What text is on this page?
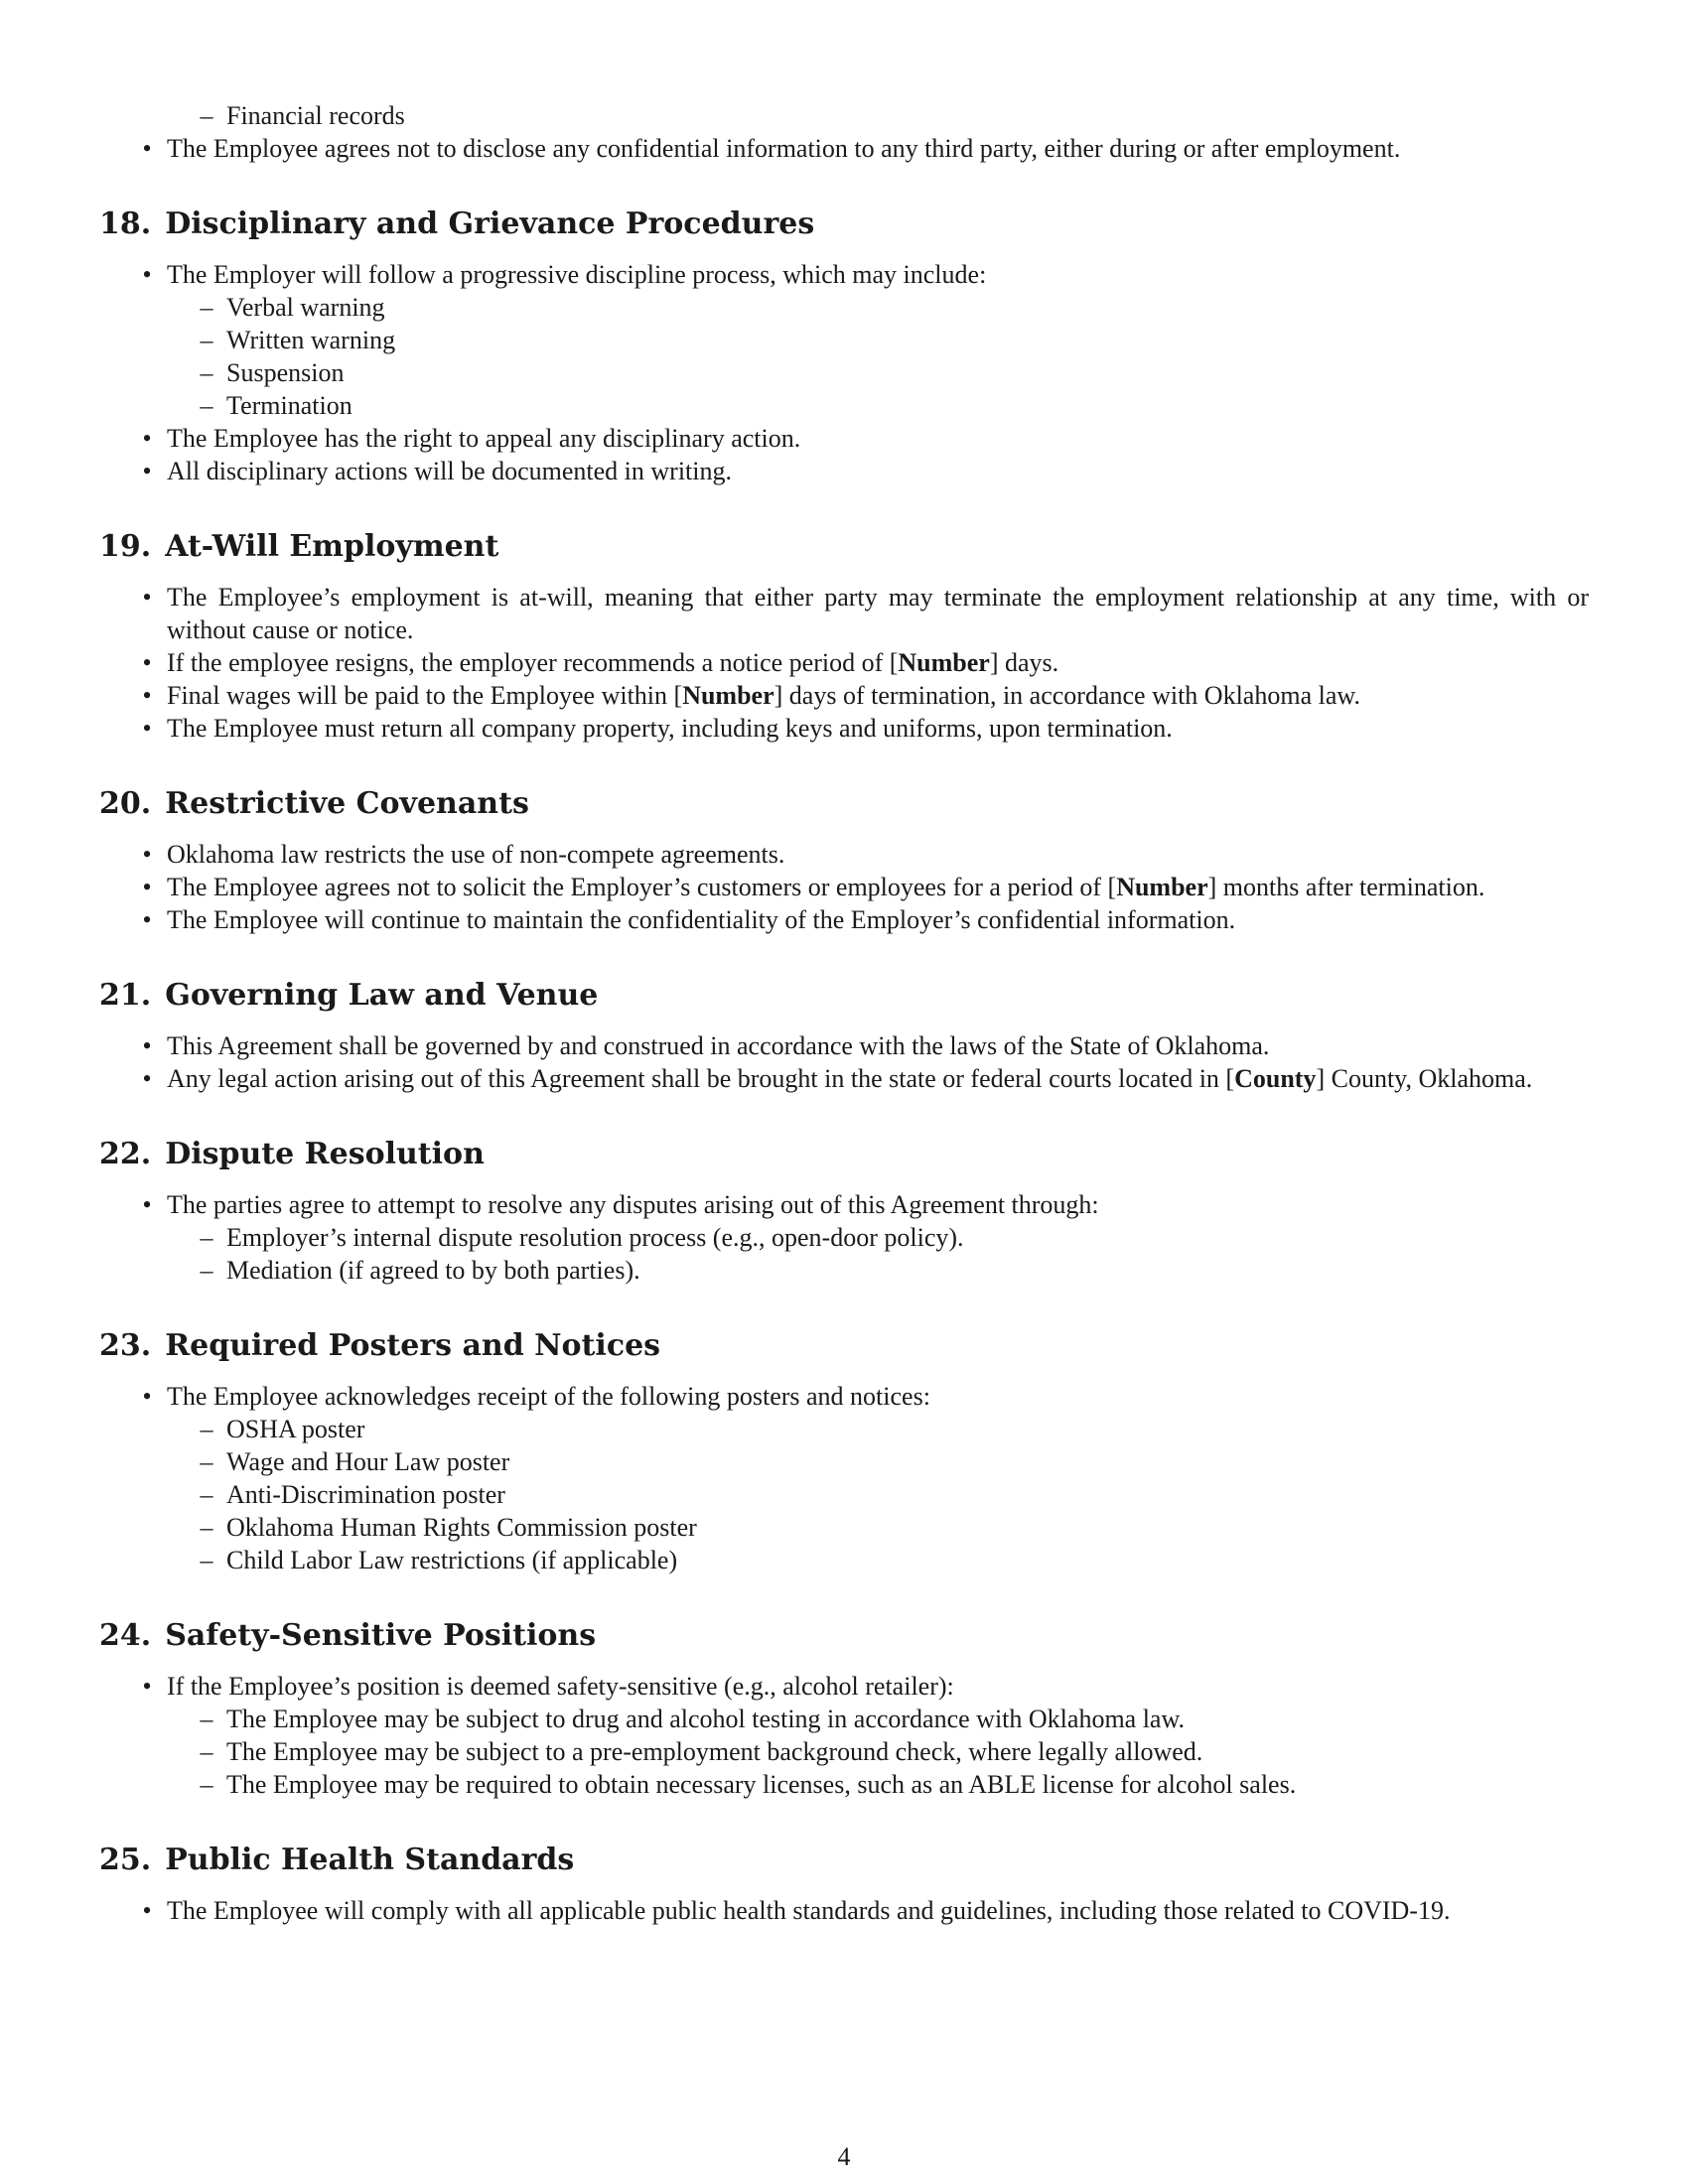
– Financial records

• The Employee agrees not to disclose any confidential information to any third party, either during or after employment.

18. Disciplinary and Grievance Procedures

• The Employer will follow a progressive discipline process, which may include:

– Verbal warning

– Written warning

– Suspension

– Termination

• The Employee has the right to appeal any disciplinary action.

• All disciplinary actions will be documented in writing.

19. At-Will Employment

• The Employee’s employment is at-will, meaning that either party may terminate the employment relationship at any time, with or without cause or notice.

• If the employee resigns, the employer recommends a notice period of [Number] days.

• Final wages will be paid to the Employee within [Number] days of termination, in accordance with Oklahoma law.

• The Employee must return all company property, including keys and uniforms, upon termination.

20. Restrictive Covenants

• Oklahoma law restricts the use of non-compete agreements.

• The Employee agrees not to solicit the Employer’s customers or employees for a period of [Number] months after termination.

• The Employee will continue to maintain the confidentiality of the Employer’s confidential information.

21. Governing Law and Venue

• This Agreement shall be governed by and construed in accordance with the laws of the State of Oklahoma.

• Any legal action arising out of this Agreement shall be brought in the state or federal courts located in [County] County, Oklahoma.

22. Dispute Resolution

• The parties agree to attempt to resolve any disputes arising out of this Agreement through:

– Employer’s internal dispute resolution process (e.g., open-door policy).

– Mediation (if agreed to by both parties).

23. Required Posters and Notices

• The Employee acknowledges receipt of the following posters and notices:

– OSHA poster

– Wage and Hour Law poster

– Anti-Discrimination poster

– Oklahoma Human Rights Commission poster

– Child Labor Law restrictions (if applicable)

24. Safety-Sensitive Positions

• If the Employee’s position is deemed safety-sensitive (e.g., alcohol retailer):

– The Employee may be subject to drug and alcohol testing in accordance with Oklahoma law.

– The Employee may be subject to a pre-employment background check, where legally allowed.

– The Employee may be required to obtain necessary licenses, such as an ABLE license for alcohol sales.

25. Public Health Standards

• The Employee will comply with all applicable public health standards and guidelines, including those related to COVID-19.

4
